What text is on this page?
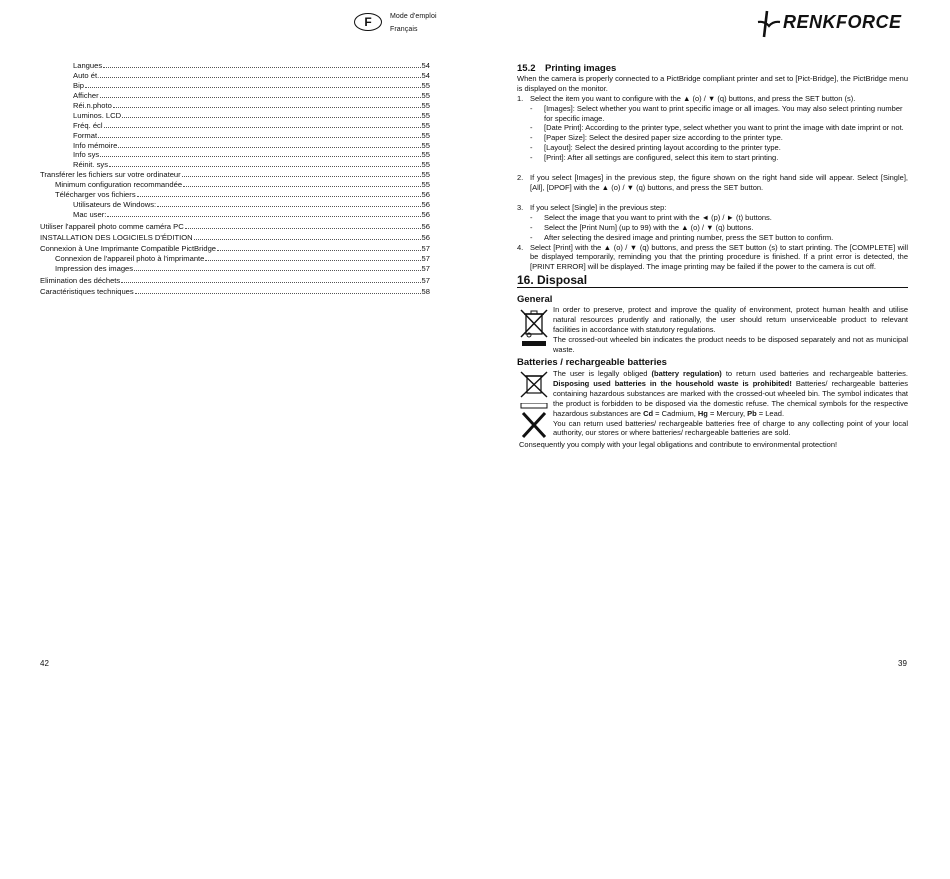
F	Mode d'emploi
Français	RENKFORCE
Langues	54
Auto ét.	54
Bip	55
Afficher	55
Réi.n.photo	55
Luminos. LCD	55
Fréq. écl	55
Format	55
Info mémoire	55
Info sys	55
Réinit. sys	55
Transférer les fichiers sur votre ordinateur	55
Minimum configuration recommandée	55
Télécharger vos fichiers	56
Utilisateurs de Windows:	56
Mac user:	56
Utiliser l'appareil photo comme caméra PC	56
INSTALLATION DES LOGICIELS D'ÉDITION	56
Connexion à Une Imprimante Compatible PictBridge	57
Connexion de l'appareil photo à l'imprimante	57
Impression des images	57
Elimination des déchets	57
Caractéristiques techniques	58
42	39
15.2 Printing images
When the camera is properly connected to a PictBridge compliant printer and set to [Pict-Bridge], the PictBridge menu is displayed on the monitor.
1. Select the item you want to configure with the ▲ (o) / ▼ (q) buttons, and press the SET button (s).
- [Images]: Select whether you want to print specific image or all images. You may also select printing number for specific image.
- [Date Print]: According to the printer type, select whether you want to print the image with date imprint or not.
- [Paper Size]: Select the desired paper size according to the printer type.
- [Layout]: Select the desired printing layout according to the printer type.
- [Print]: After all settings are configured, select this item to start printing.
2. If you select [Images] in the previous step, the figure shown on the right hand side will appear. Select [Single], [All], [DPOF] with the ▲ (o) / ▼ (q) buttons, and press the SET button.
3. If you select [Single] in the previous step:
- Select the image that you want to print with the ◄ (p) / ► (t) buttons.
- Select the [Print Num] (up to 99) with the ▲ (o) / ▼ (q) buttons.
- After selecting the desired image and printing number, press the SET button to confirm.
4. Select [Print] with the ▲ (o) / ▼ (q) buttons, and press the SET button (s) to start printing. The [COMPLETE] will be displayed temporarily, reminding you that the printing procedure is finished. If a print error is detected, the [PRINT ERROR] will be displayed. The image printing may be failed if the power to the camera is cut off.
16. Disposal
General
In order to preserve, protect and improve the quality of environment, protect human health and utilise natural resources prudently and rationally, the user should return unserviceable product to relevant facilities in accordance with statutory regulations.
The crossed-out wheeled bin indicates the product needs to be disposed separately and not as municipal waste.
Batteries / rechargeable batteries
The user is legally obliged (battery regulation) to return used batteries and rechargeable batteries. Disposing used batteries in the household waste is prohibited! Batteries/ rechargeable batteries containing hazardous substances are marked with the crossed-out wheeled bin. The symbol indicates that the product is forbidden to be disposed via the domestic refuse. The chemical symbols for the respective hazardous substances are Cd = Cadmium, Hg = Mercury, Pb = Lead.
You can return used batteries/ rechargeable batteries free of charge to any collecting point of your local authority, our stores or where batteries/ rechargeable batteries are sold.
Consequently you comply with your legal obligations and contribute to environmental protection!
